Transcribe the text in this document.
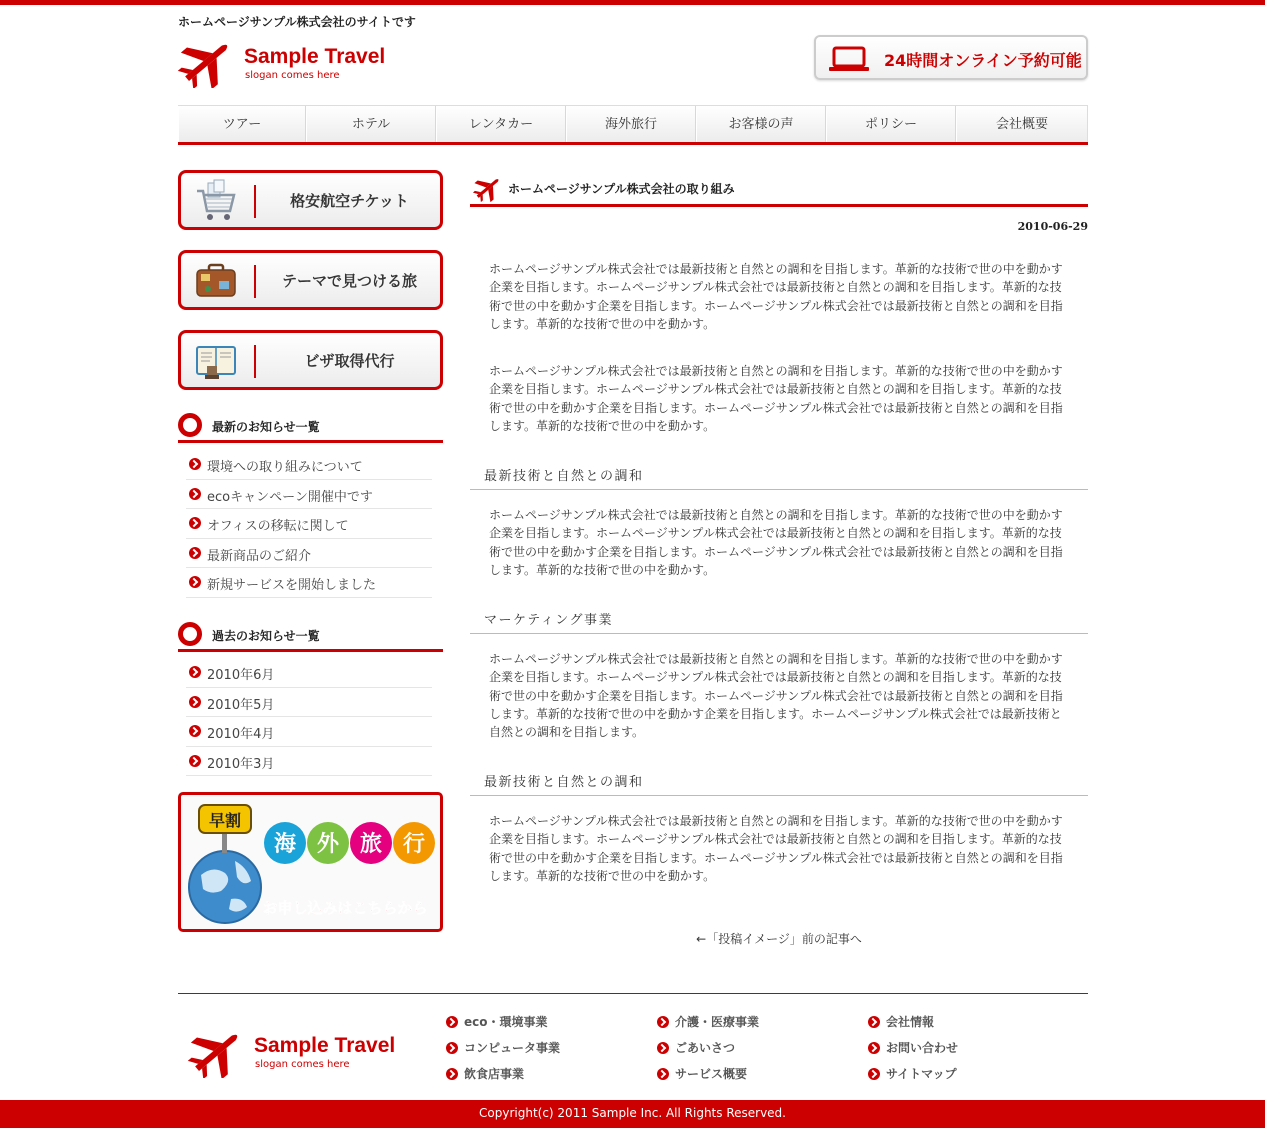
ホームページサンプル株式会社のサイトです
Sample Travel
slogan comes here
24時間オンライン予約可能
ツアー	ホテル	レンタカー	海外旅行	お客様の声	ポリシー	会社概要
格安航空チケット
テーマで見つける旅
ビザ取得代行
最新のお知らせ一覧
環境への取り組みについて
ecoキャンペーン開催中です
オフィスの移転に関して
最新商品のご紹介
新規サービスを開始しました
過去のお知らせ一覧
2010年6月
2010年5月
2010年4月
2010年3月
早割
海 外 旅 行
お申し込みはこちらから
ホームページサンプル株式会社の取り組み
2010-06-29

ホームページサンプル株式会社では最新技術と自然との調和を目指します。革新的な技術で世の中を動かす企業を目指します。ホームページサンプル株式会社では最新技術と自然との調和を目指します。革新的な技術で世の中を動かす企業を目指します。ホームページサンプル株式会社では最新技術と自然との調和を目指します。革新的な技術で世の中を動かす。

ホームページサンプル株式会社では最新技術と自然との調和を目指します。革新的な技術で世の中を動かす企業を目指します。ホームページサンプル株式会社では最新技術と自然との調和を目指します。革新的な技術で世の中を動かす企業を目指します。ホームページサンプル株式会社では最新技術と自然との調和を目指します。革新的な技術で世の中を動かす。

最新技術と自然との調和

ホームページサンプル株式会社では最新技術と自然との調和を目指します。革新的な技術で世の中を動かす企業を目指します。ホームページサンプル株式会社では最新技術と自然との調和を目指します。革新的な技術で世の中を動かす企業を目指します。ホームページサンプル株式会社では最新技術と自然との調和を目指します。革新的な技術で世の中を動かす。

マーケティング事業

ホームページサンプル株式会社では最新技術と自然との調和を目指します。革新的な技術で世の中を動かす企業を目指します。ホームページサンプル株式会社では最新技術と自然との調和を目指します。革新的な技術で世の中を動かす企業を目指します。ホームページサンプル株式会社では最新技術と自然との調和を目指します。革新的な技術で世の中を動かす企業を目指します。ホームページサンプル株式会社では最新技術と自然との調和を目指します。

最新技術と自然との調和

ホームページサンプル株式会社では最新技術と自然との調和を目指します。革新的な技術で世の中を動かす企業を目指します。ホームページサンプル株式会社では最新技術と自然との調和を目指します。革新的な技術で世の中を動かす企業を目指します。ホームページサンプル株式会社では最新技術と自然との調和を目指します。革新的な技術で世の中を動かす。

←「投稿イメージ」前の記事へ
Sample Travel
slogan comes here
eco・環境事業
コンピュータ事業
飲食店事業
介護・医療事業
ごあいさつ
サービス概要
会社情報
お問い合わせ
サイトマップ
Copyright(c) 2011 Sample Inc. All Rights Reserved.
